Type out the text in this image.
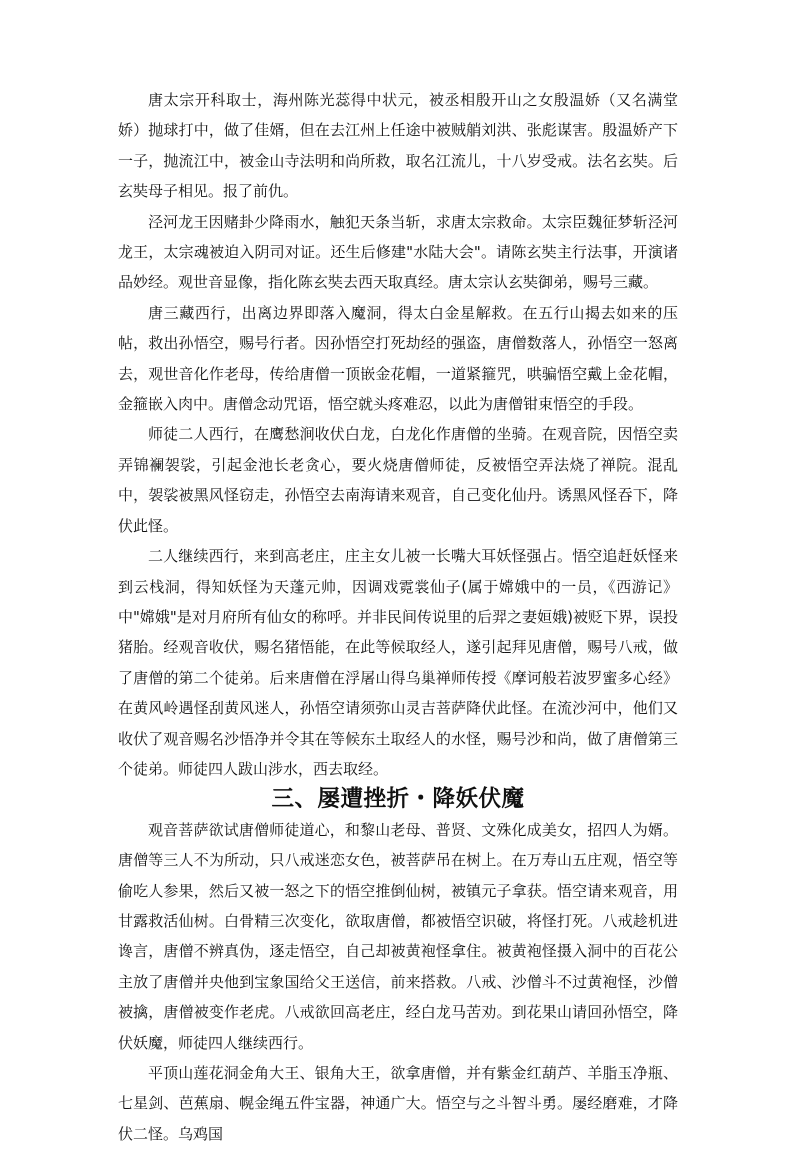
唐太宗开科取士，海州陈光蕊得中状元，被丞相殷开山之女殷温娇（又名满堂娇）抛球打中，做了佳婿，但在去江州上任途中被贼艄刘洪、张彪谋害。殷温娇产下一子，抛流江中，被金山寺法明和尚所救，取名江流儿，十八岁受戒。法名玄奘。后玄奘母子相见。报了前仇。

泾河龙王因赌卦少降雨水，触犯天条当斩，求唐太宗救命。太宗臣魏征梦斩泾河龙王，太宗魂被迫入阴司对证。还生后修建"水陆大会"。请陈玄奘主行法事，开演诸品妙经。观世音显像，指化陈玄奘去西天取真经。唐太宗认玄奘御弟，赐号三藏。

唐三藏西行，出离边界即落入魔洞，得太白金星解救。在五行山揭去如来的压帖，救出孙悟空，赐号行者。因孙悟空打死劫经的强盗，唐僧数落人，孙悟空一怒离去，观世音化作老母，传给唐僧一顶嵌金花帽，一道紧箍咒，哄骗悟空戴上金花帽，金箍嵌入肉中。唐僧念动咒语，悟空就头疼难忍，以此为唐僧钳束悟空的手段。

师徒二人西行，在鹰愁涧收伏白龙，白龙化作唐僧的坐骑。在观音院，因悟空卖弄锦襕袈裟，引起金池长老贪心，要火烧唐僧师徒，反被悟空弄法烧了禅院。混乱中，袈裟被黑风怪窃走，孙悟空去南海请来观音，自己变化仙丹。诱黑风怪吞下，降伏此怪。

二人继续西行，来到高老庄，庄主女儿被一长嘴大耳妖怪强占。悟空追赶妖怪来到云栈洞，得知妖怪为天蓬元帅，因调戏霓裳仙子(属于嫦娥中的一员，《西游记》中"嫦娥"是对月府所有仙女的称呼。并非民间传说里的后羿之妻姮娥)被贬下界，误投猪胎。经观音收伏，赐名猪悟能，在此等候取经人，遂引起拜见唐僧，赐号八戒，做了唐僧的第二个徒弟。后来唐僧在浮屠山得乌巢禅师传授《摩诃般若波罗蜜多心经》 在黄风岭遇怪刮黄风迷人，孙悟空请须弥山灵吉菩萨降伏此怪。在流沙河中，他们又收伏了观音赐名沙悟净并令其在等候东土取经人的水怪，赐号沙和尚，做了唐僧第三个徒弟。师徒四人跋山涉水，西去取经。

三、屡遭挫折・降妖伏魔

观音菩萨欲试唐僧师徒道心，和黎山老母、普贤、文殊化成美女，招四人为婿。唐僧等三人不为所动，只八戒迷恋女色，被菩萨吊在树上。在万寿山五庄观，悟空等偷吃人参果，然后又被一怒之下的悟空推倒仙树，被镇元子拿获。悟空请来观音，用甘露救活仙树。白骨精三次变化，欲取唐僧，都被悟空识破，将怪打死。八戒趁机进谗言，唐僧不辨真伪，逐走悟空，自己却被黄袍怪拿住。被黄袍怪摄入洞中的百花公主放了唐僧并央他到宝象国给父王送信，前来搭救。八戒、沙僧斗不过黄袍怪，沙僧被擒，唐僧被变作老虎。八戒欲回高老庄，经白龙马苦劝。到花果山请回孙悟空，降伏妖魔，师徒四人继续西行。

平顶山莲花洞金角大王、银角大王，欲拿唐僧，并有紫金红葫芦、羊脂玉净瓶、七星剑、芭蕉扇、幌金绳五件宝器，神通广大。悟空与之斗智斗勇。屡经磨难，才降伏二怪。乌鸡国
